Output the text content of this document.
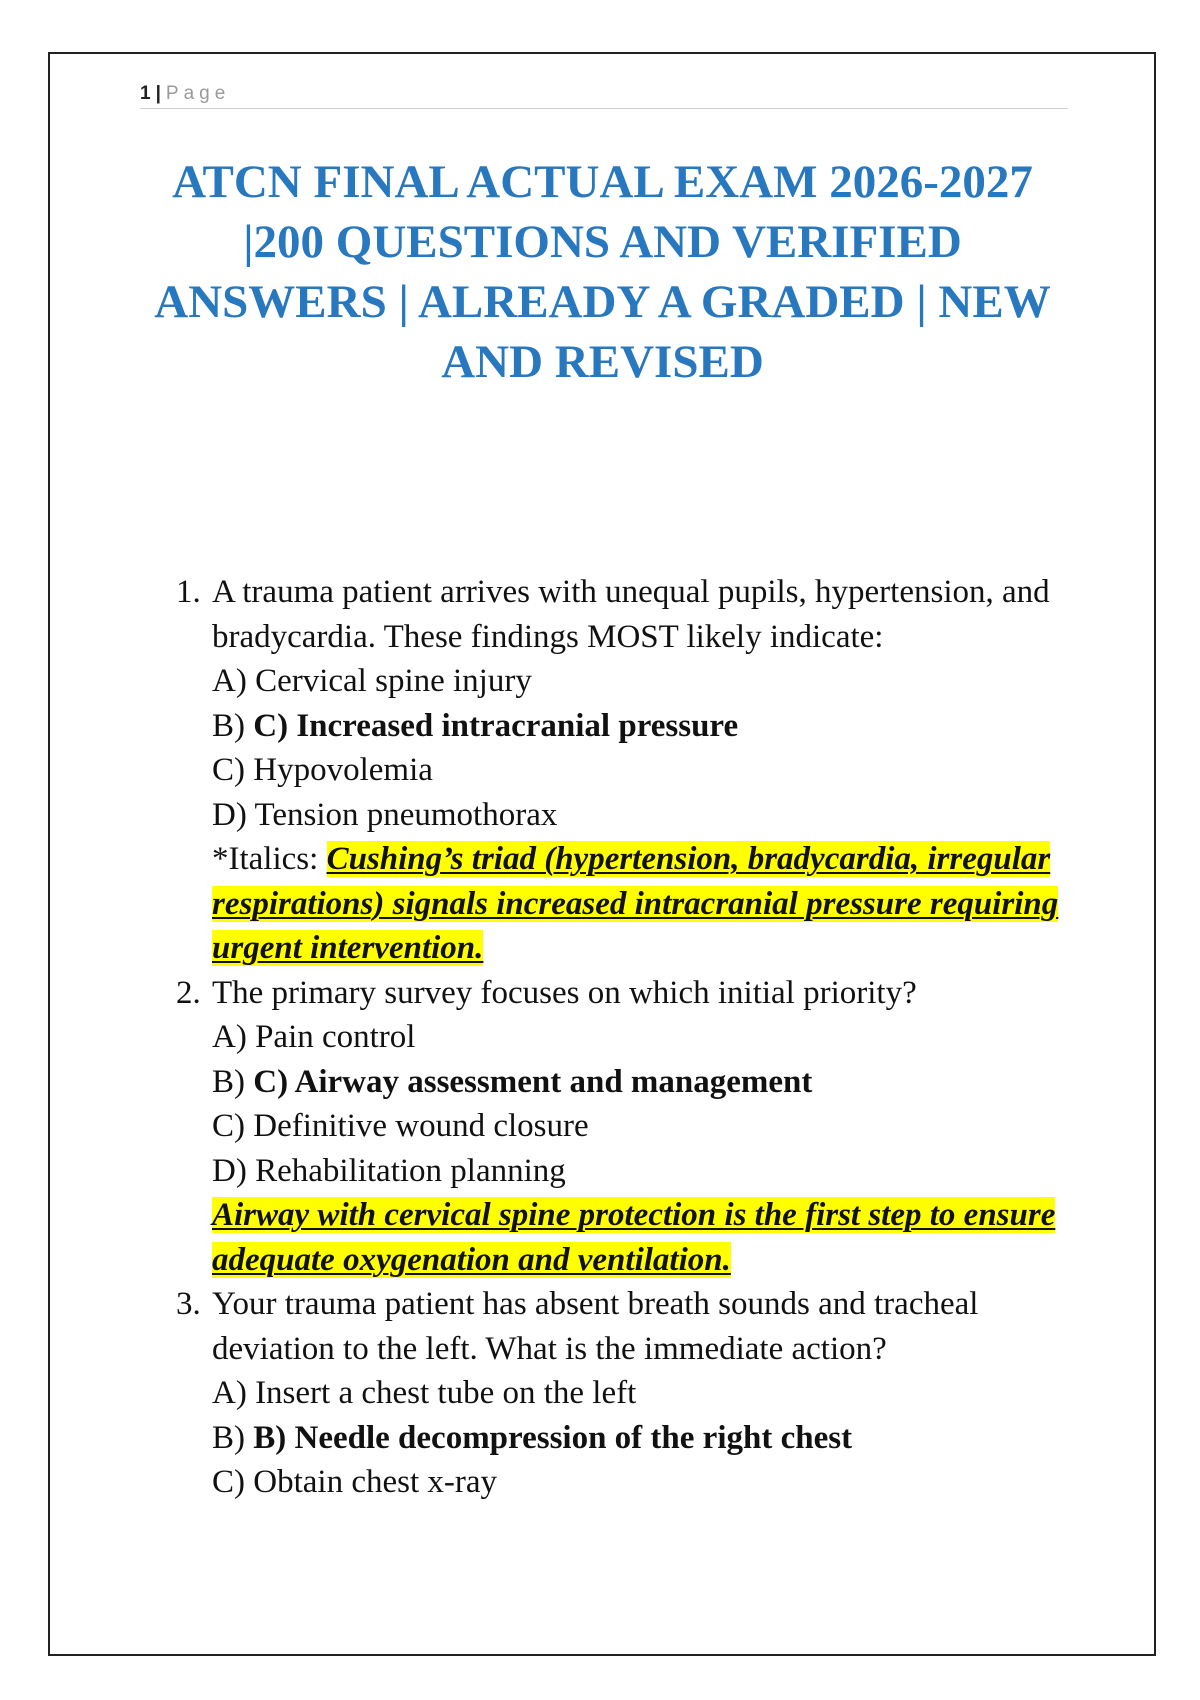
1 | Page
ATCN FINAL ACTUAL EXAM 2026-2027 |200 QUESTIONS AND VERIFIED ANSWERS | ALREADY A GRADED | NEW AND REVISED
1. A trauma patient arrives with unequal pupils, hypertension, and bradycardia. These findings MOST likely indicate:

A) Cervical spine injury

B) C) Increased intracranial pressure

C) Hypovolemia

D) Tension pneumothorax

*Italics: Cushing’s triad (hypertension, bradycardia, irregular respirations) signals increased intracranial pressure requiring urgent intervention.

2. The primary survey focuses on which initial priority?

A) Pain control

B) C) Airway assessment and management

C) Definitive wound closure

D) Rehabilitation planning

Airway with cervical spine protection is the first step to ensure adequate oxygenation and ventilation.

3. Your trauma patient has absent breath sounds and tracheal deviation to the left. What is the immediate action?

A) Insert a chest tube on the left

B) B) Needle decompression of the right chest

C) Obtain chest x-ray
